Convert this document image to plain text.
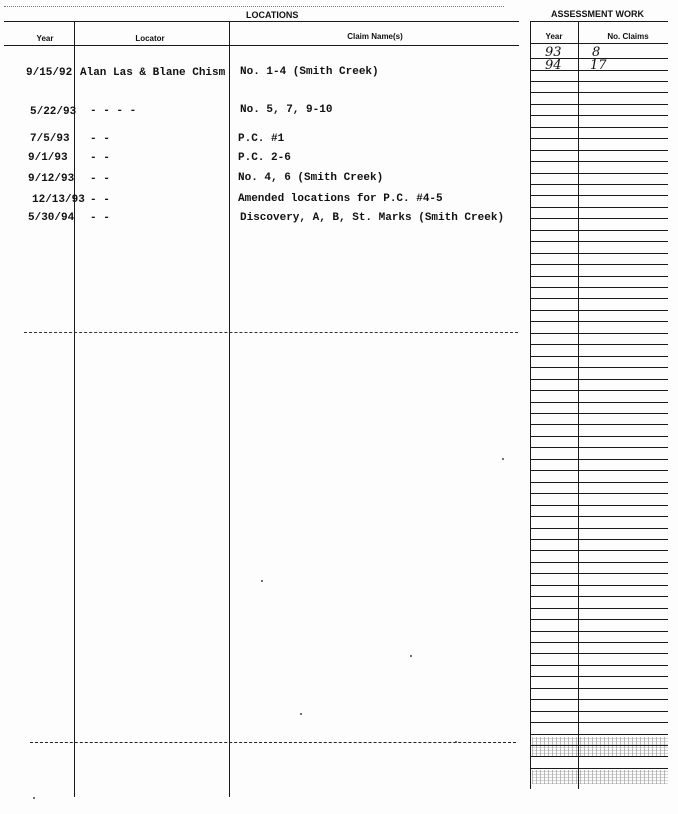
LOCATIONS	ASSESSMENT WORK
Year	Locator	Claim Name(s)	Year	No. Claims
9/15/92 Alan Las & Blane Chism No. 1-4 (Smith Creek)
5/22/93 - - - -	No. 5, 7, 9-10
7/5/93 - -	P.C. #1
9/1/93 - -	P.C. 2-6
9/12/93 - -	No. 4, 6 (Smith Creek)
12/13/93 - -	Amended locations for P.C. #4-5
5/30/94 - -	Discovery, A, B, St. Marks (Smith Creek)
93 8
94 17
